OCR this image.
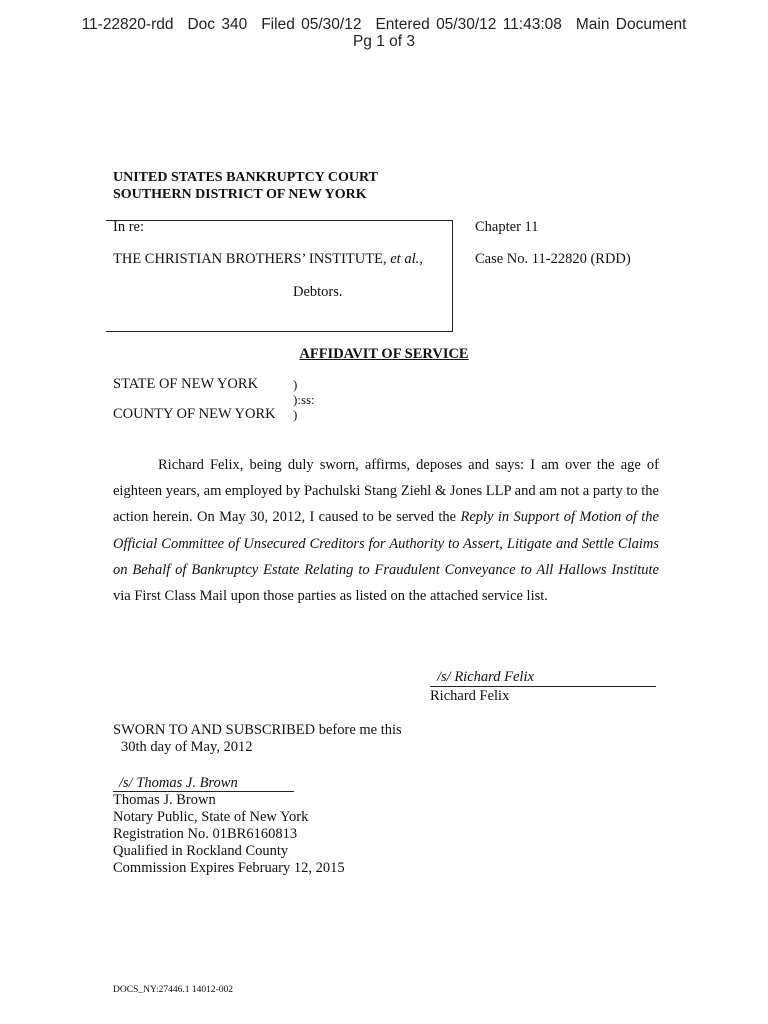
11-22820-rdd Doc 340 Filed 05/30/12 Entered 05/30/12 11:43:08 Main Document
Pg 1 of 3
UNITED STATES BANKRUPTCY COURT
SOUTHERN DISTRICT OF NEW YORK
In re:
THE CHRISTIAN BROTHERS’ INSTITUTE, et al.,
Debtors.
Chapter 11
Case No. 11-22820 (RDD)
AFFIDAVIT OF SERVICE
STATE OF NEW YORK
COUNTY OF NEW YORK
)
):ss:
)
Richard Felix, being duly sworn, affirms, deposes and says: I am over the age of eighteen years, am employed by Pachulski Stang Ziehl & Jones LLP and am not a party to the action herein. On May 30, 2012, I caused to be served the Reply in Support of Motion of the Official Committee of Unsecured Creditors for Authority to Assert, Litigate and Settle Claims on Behalf of Bankruptcy Estate Relating to Fraudulent Conveyance to All Hallows Institute via First Class Mail upon those parties as listed on the attached service list.
/s/ Richard Felix
Richard Felix
SWORN TO AND SUBSCRIBED before me this
30th day of May, 2012
/s/ Thomas J. Brown
Thomas J. Brown
Notary Public, State of New York
Registration No. 01BR6160813
Qualified in Rockland County
Commission Expires February 12, 2015
DOCS_NY:27446.1 14012-002
